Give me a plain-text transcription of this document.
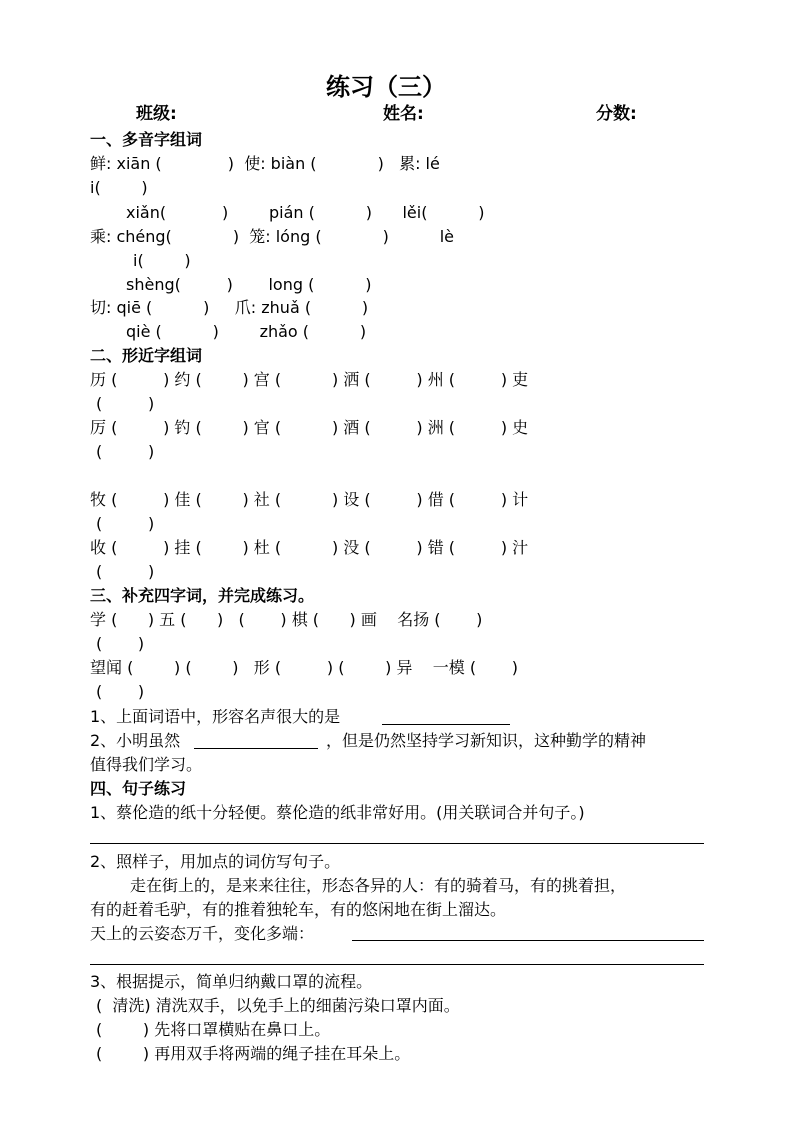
练习（三）
班级:	姓名:	分数:
一、多音字组词
鲜: xiān (             )  使: biàn (            )   累: lé
i(        )
xiǎn(           )        pián (          )      lěi(          )
乘: chéng(            )  笼: lóng (            )          lè
i(        )
shèng(         )       long (          )
切: qiē (          )     爪: zhuǎ (          )
qiè (          )        zhǎo (          )
二、形近字组词
历 (         ) 约 (        ) 宫 (          ) 洒 (         ) 州 (         ) 吏
(         )
厉 (         ) 钓 (        ) 官 (          ) 酒 (         ) 洲 (         ) 史
(         )
牧 (         ) 佳 (        ) 社 (          ) 设 (         ) 借 (         ) 计
(         )
收 (         ) 挂 (        ) 杜 (          ) 没 (         ) 错 (         ) 汁
(         )
三、补充四字词，并完成练习。
学 (      ) 五 (      )   (       ) 棋 (      ) 画    名扬 (       )
(       )
望闻 (        ) (        )   形 (         ) (        ) 异    一模 (       )
(       )
1、上面词语中，形容名声很大的是
2、小明虽然	，但是仍然坚持学习新知识，这种勤学的精神
值得我们学习。
四、句子练习
1、蔡伦造的纸十分轻便。蔡伦造的纸非常好用。(用关联词合并句子。)
2、照样子，用加点的词仿写句子。
走在街上的，是来来往往，形态各异的人：有的骑着马，有的挑着担，
有的赶着毛驴，有的推着独轮车，有的悠闲地在街上溜达。
天上的云姿态万千，变化多端：
3、根据提示，简单归纳戴口罩的流程。
(  清洗) 清洗双手，以免手上的细菌污染口罩内面。
(        ) 先将口罩横贴在鼻口上。
(        ) 再用双手将两端的绳子挂在耳朵上。
